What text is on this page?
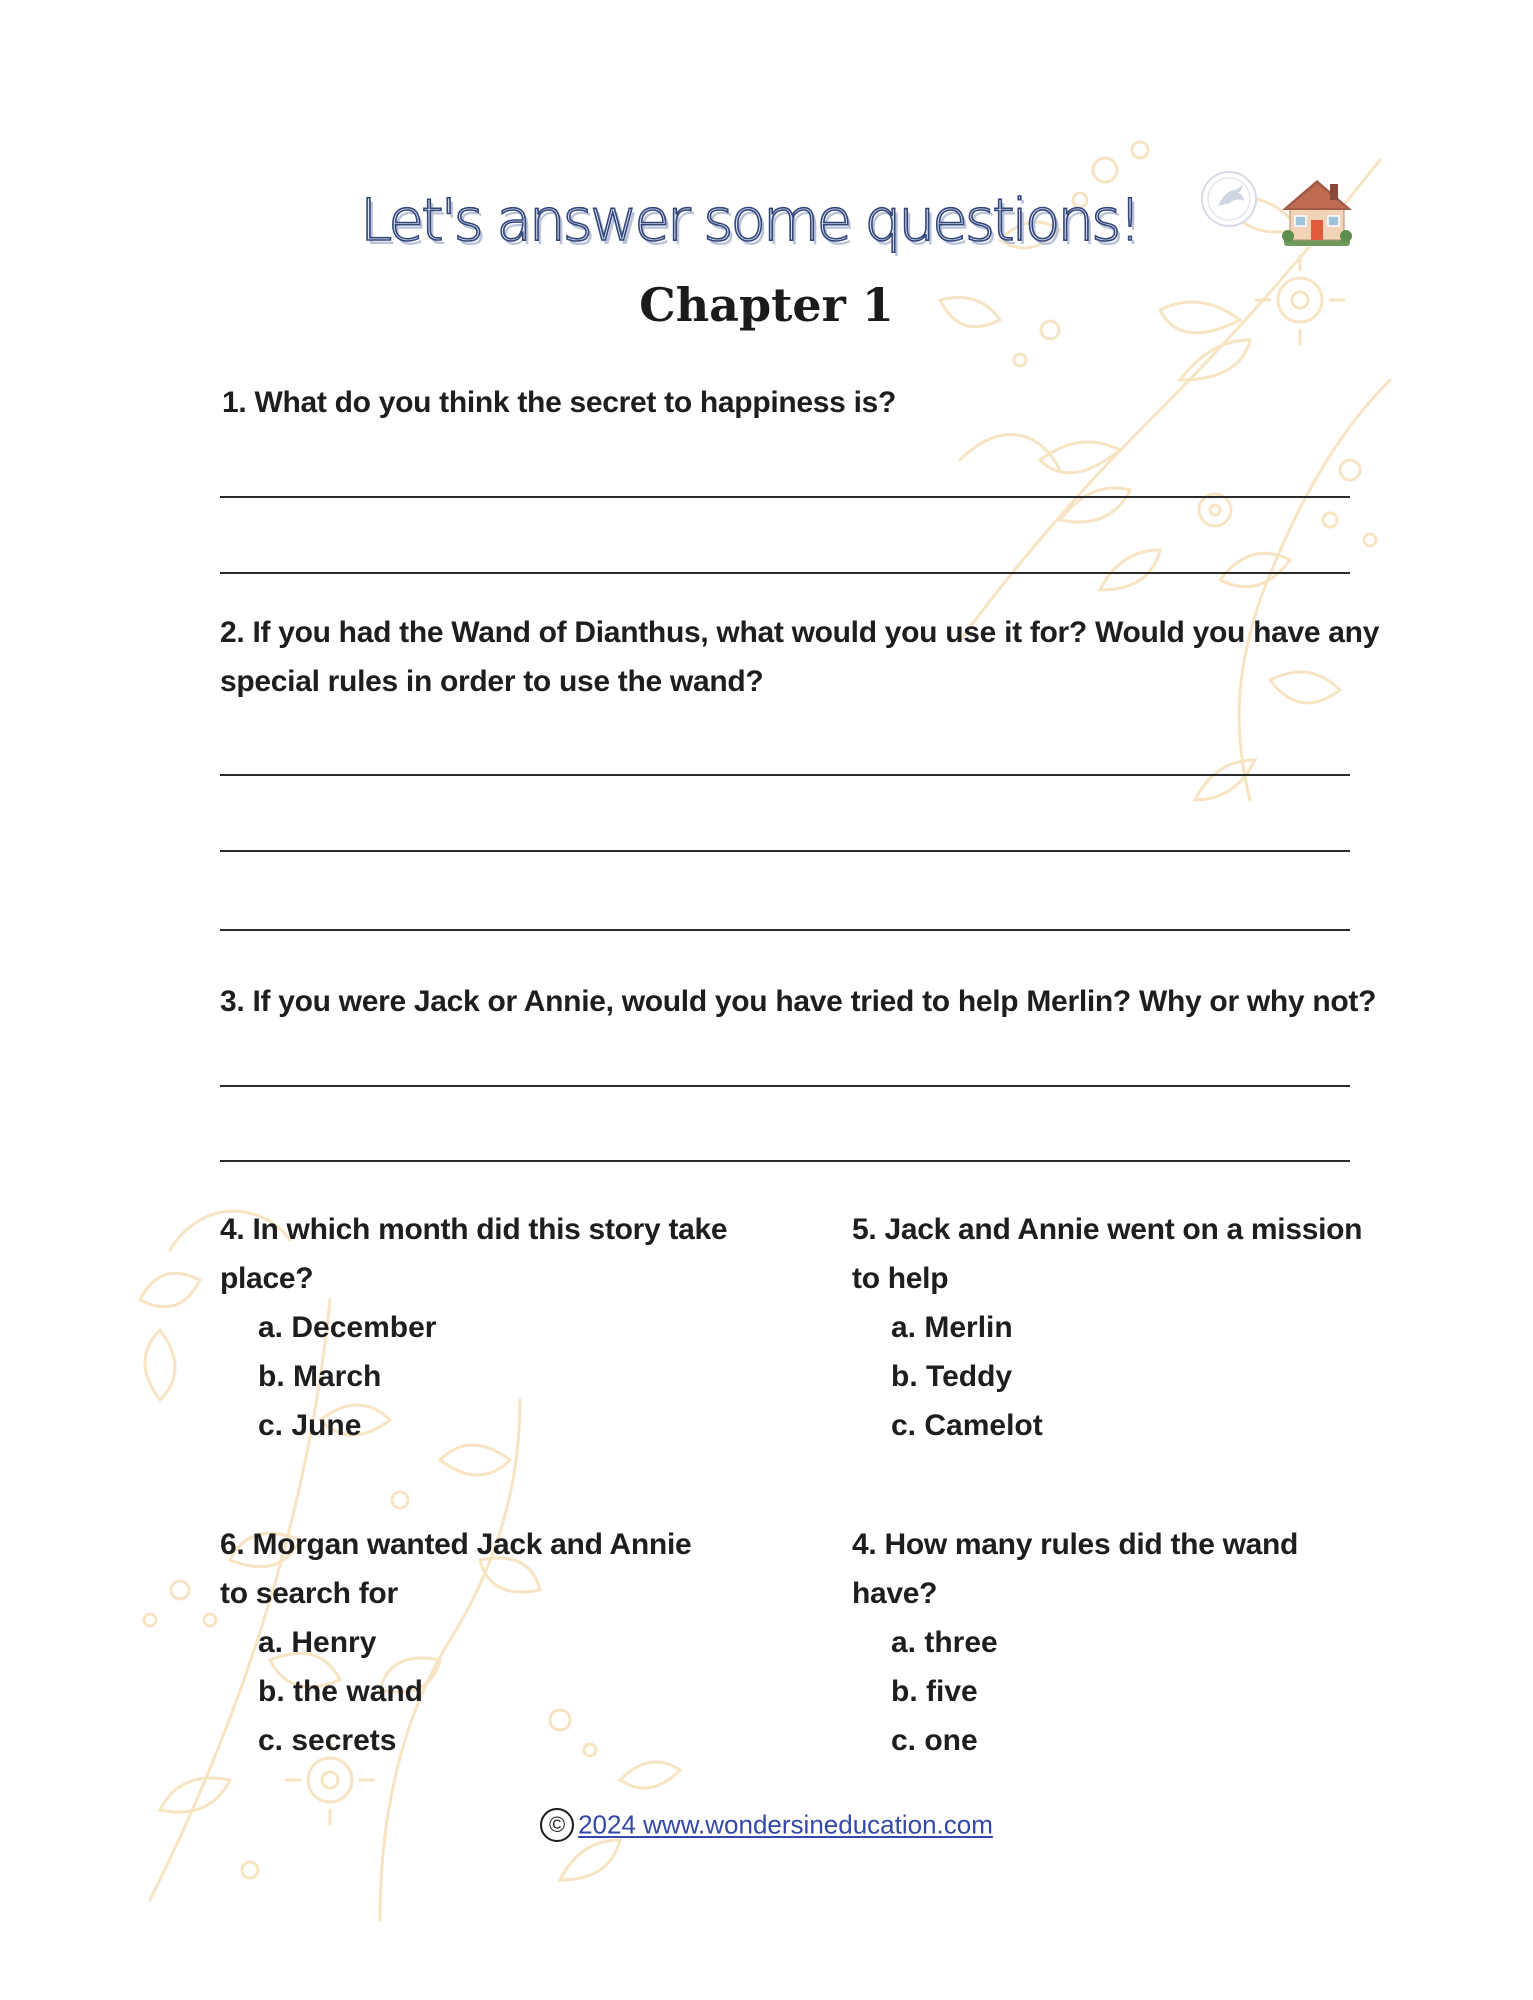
Let's answer some questions!
Chapter 1
1. What do you think the secret to happiness is?
2. If you had the Wand of Dianthus, what would you use it for? Would you have any
special rules in order to use the wand?
3. If you were Jack or Annie, would you have tried to help Merlin? Why or why not?
4. In which month did this story take
place?
a. December
b. March
c. June
5. Jack and Annie went on a mission
to help
a. Merlin
b. Teddy
c. Camelot
6. Morgan wanted Jack and Annie
to search for
a. Henry
b. the wand
c. secrets
4. How many rules did the wand
have?
a. three
b. five
c. one
© 2024 www.wondersineducation.com
